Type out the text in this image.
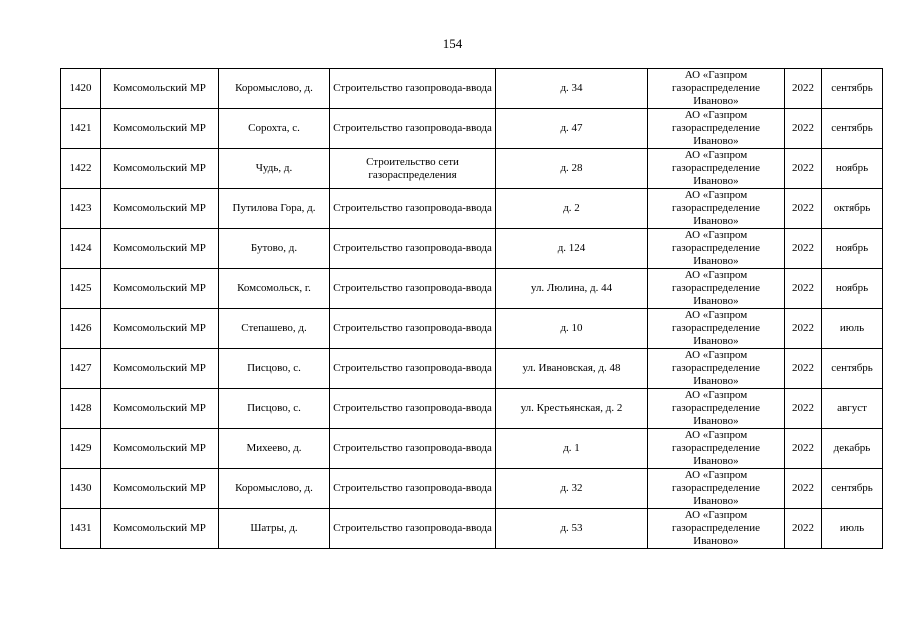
154
1420	Комсомольский МР	Коромыслово, д.	Строительство газопровода-ввода	д. 34	АО «Газпром газораспределение Иваново»	2022	сентябрь
1421	Комсомольский МР	Сорохта, с.	Строительство газопровода-ввода	д. 47	АО «Газпром газораспределение Иваново»	2022	сентябрь
1422	Комсомольский МР	Чудь, д.	Строительство сети газораспределения	д. 28	АО «Газпром газораспределение Иваново»	2022	ноябрь
1423	Комсомольский МР	Путилова Гора, д.	Строительство газопровода-ввода	д. 2	АО «Газпром газораспределение Иваново»	2022	октябрь
1424	Комсомольский МР	Бутово, д.	Строительство газопровода-ввода	д. 124	АО «Газпром газораспределение Иваново»	2022	ноябрь
1425	Комсомольский МР	Комсомольск, г.	Строительство газопровода-ввода	ул. Люлина, д. 44	АО «Газпром газораспределение Иваново»	2022	ноябрь
1426	Комсомольский МР	Степашево, д.	Строительство газопровода-ввода	д. 10	АО «Газпром газораспределение Иваново»	2022	июль
1427	Комсомольский МР	Писцово, с.	Строительство газопровода-ввода	ул. Ивановская, д. 48	АО «Газпром газораспределение Иваново»	2022	сентябрь
1428	Комсомольский МР	Писцово, с.	Строительство газопровода-ввода	ул. Крестьянская, д. 2	АО «Газпром газораспределение Иваново»	2022	август
1429	Комсомольский МР	Михеево, д.	Строительство газопровода-ввода	д. 1	АО «Газпром газораспределение Иваново»	2022	декабрь
1430	Комсомольский МР	Коромыслово, д.	Строительство газопровода-ввода	д. 32	АО «Газпром газораспределение Иваново»	2022	сентябрь
1431	Комсомольский МР	Шатры, д.	Строительство газопровода-ввода	д. 53	АО «Газпром газораспределение Иваново»	2022	июль
